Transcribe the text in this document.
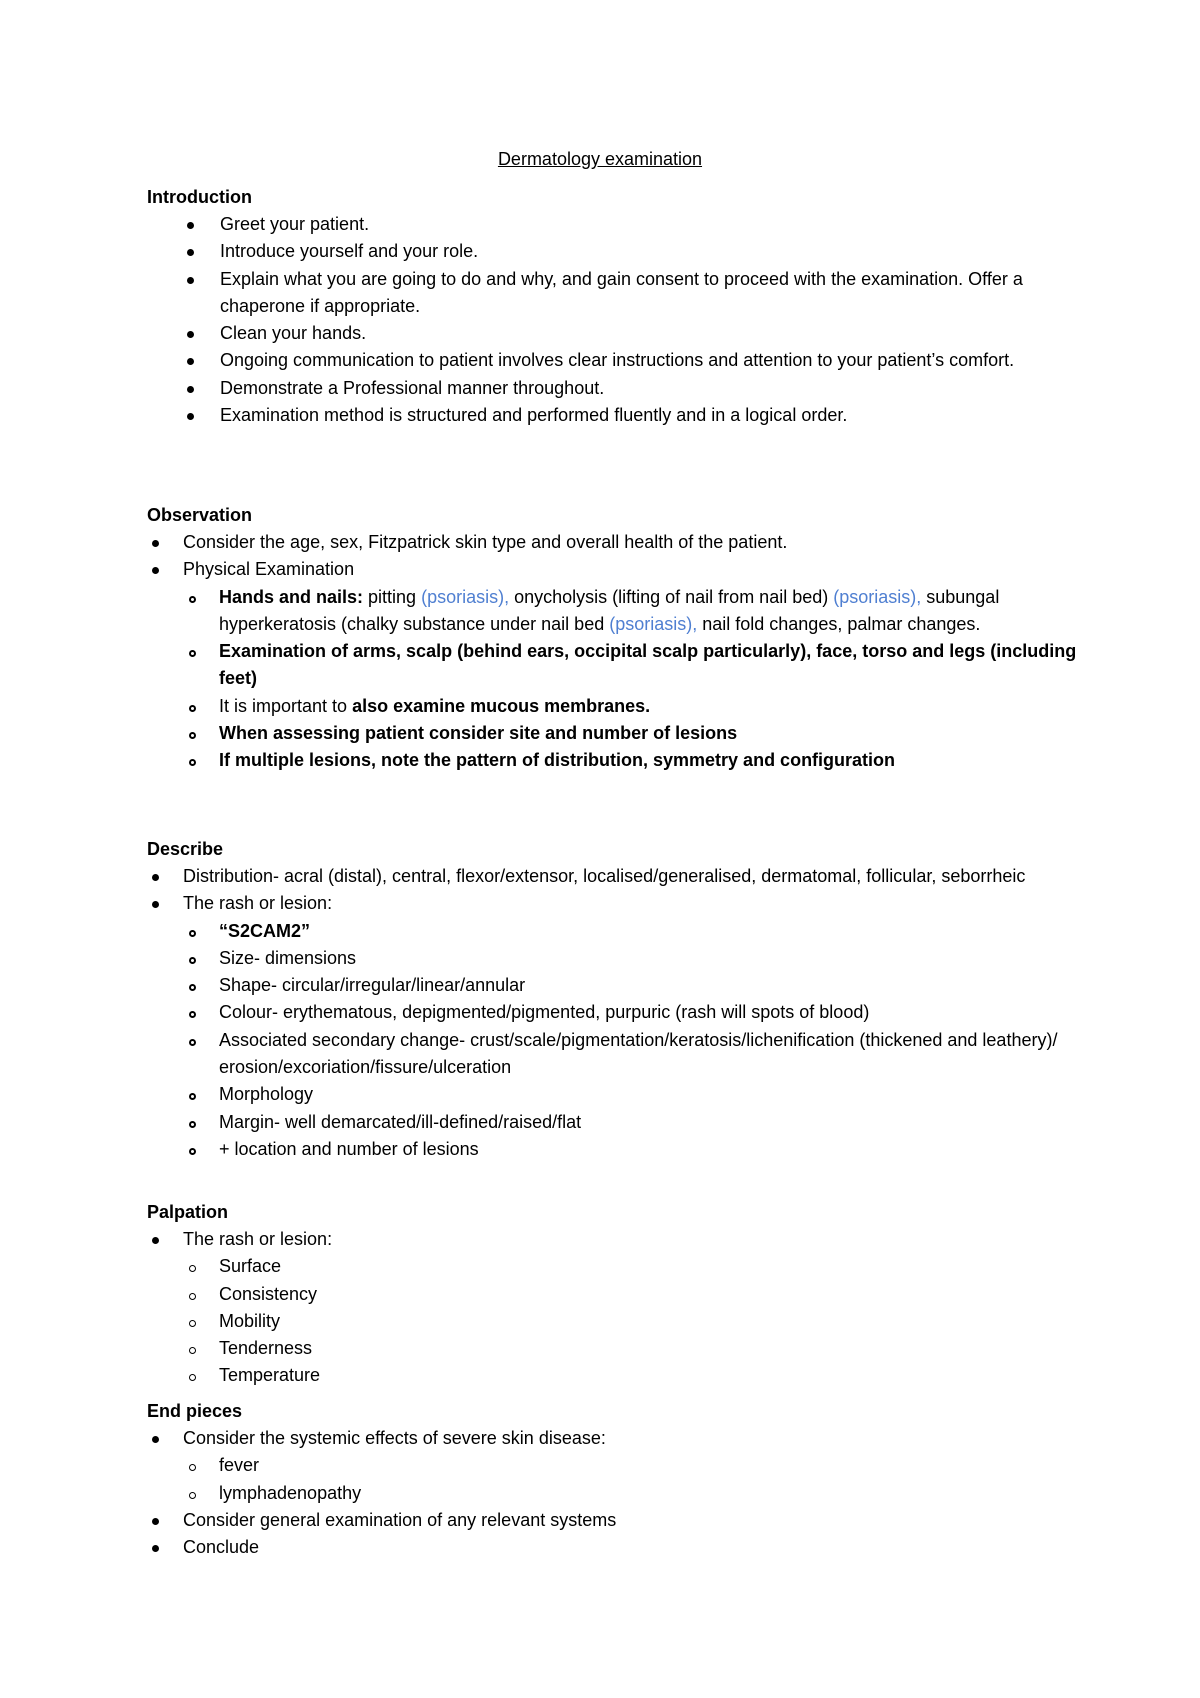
Dermatology examination

Introduction

Greet your patient.
Introduce yourself and your role.
Explain what you are going to do and why, and gain consent to proceed with the examination. Offer a chaperone if appropriate.
Clean your hands.
Ongoing communication to patient involves clear instructions and attention to your patient’s comfort.
Demonstrate a Professional manner throughout.
Examination method is structured and performed fluently and in a logical order.

Observation

Consider the age, sex, Fitzpatrick skin type and overall health of the patient.
Physical Examination
Hands and nails: pitting (psoriasis), onycholysis (lifting of nail from nail bed) (psoriasis), subungal hyperkeratosis (chalky substance under nail bed (psoriasis), nail fold changes, palmar changes.
Examination of arms, scalp (behind ears, occipital scalp particularly), face, torso and legs (including feet)
It is important to also examine mucous membranes.
When assessing patient consider site and number of lesions
If multiple lesions, note the pattern of distribution, symmetry and configuration

Describe

Distribution- acral (distal), central, flexor/extensor, localised/generalised, dermatomal, follicular, seborrheic
The rash or lesion:
“S2CAM2”
Size- dimensions
Shape- circular/irregular/linear/annular
Colour- erythematous, depigmented/pigmented, purpuric (rash will spots of blood)
Associated secondary change- crust/scale/pigmentation/keratosis/lichenification (thickened and leathery)/ erosion/excoriation/fissure/ulceration
Morphology
Margin- well demarcated/ill-defined/raised/flat
+ location and number of lesions

Palpation

The rash or lesion:
Surface
Consistency
Mobility
Tenderness
Temperature

End pieces

Consider the systemic effects of severe skin disease:
fever
lymphadenopathy
Consider general examination of any relevant systems
Conclude
